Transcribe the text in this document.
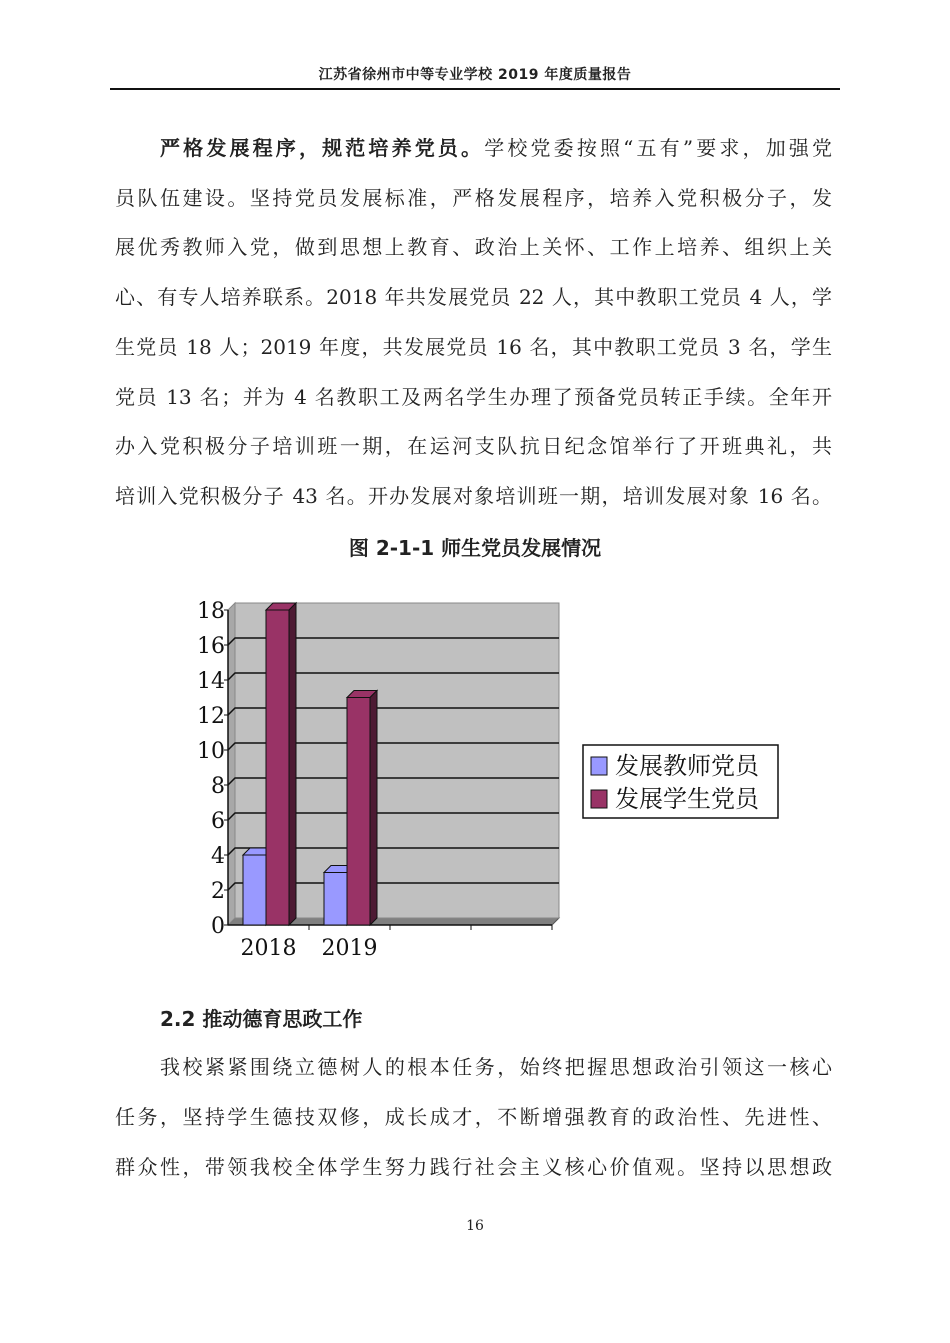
江苏省徐州市中等专业学校 2019 年度质量报告
严格发展程序，规范培养党员。学校党委按照“五有”要求，加强党
员队伍建设。坚持党员发展标准，严格发展程序，培养入党积极分子，发
展优秀教师入党，做到思想上教育、政治上关怀、工作上培养、组织上关
心、有专人培养联系。2018 年共发展党员 22 人，其中教职工党员 4 人，学
生党员 18 人；2019 年度，共发展党员 16 名，其中教职工党员 3 名，学生
党员 13 名；并为 4 名教职工及两名学生办理了预备党员转正手续。全年开
办入党积极分子培训班一期，在运河支队抗日纪念馆举行了开班典礼，共
培训入党积极分子 43 名。开办发展对象培训班一期，培训发展对象 16 名。
图 2-1-1 师生党员发展情况
0
2
4
6
8
10
12
14
16
18
2018 2019
发展教师党员
发展学生党员
2.2 推动德育思政工作
我校紧紧围绕立德树人的根本任务，始终把握思想政治引领这一核心
任务，坚持学生德技双修，成长成才，不断增强教育的政治性、先进性、
群众性，带领我校全体学生努力践行社会主义核心价值观。坚持以思想政
16
